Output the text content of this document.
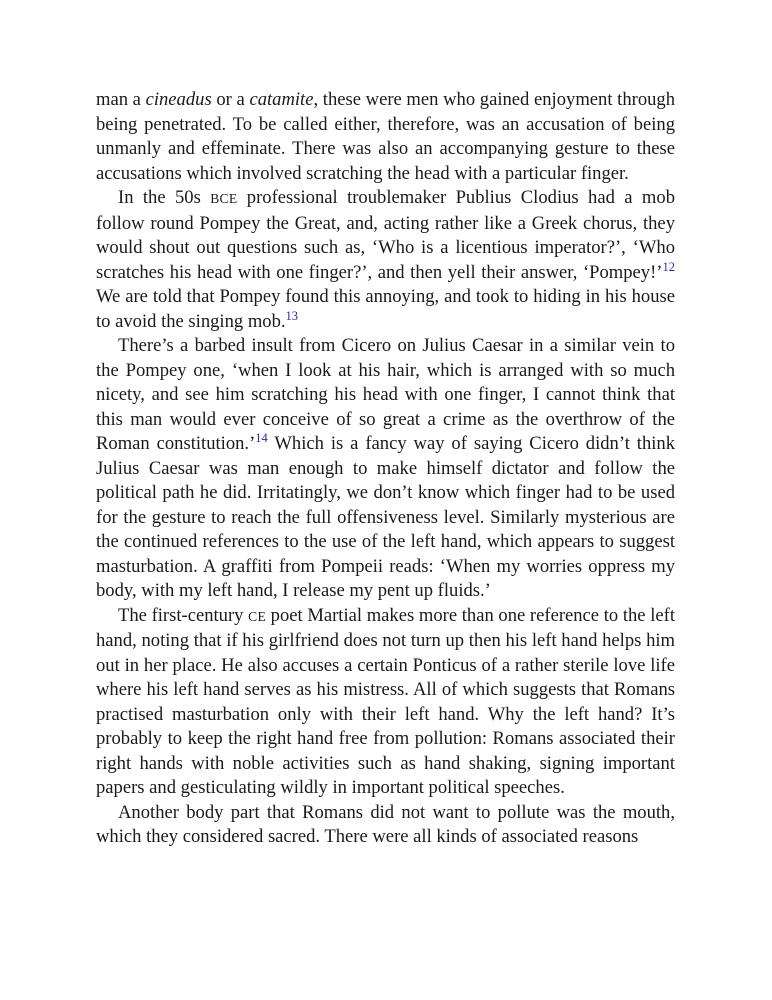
man a cineadus or a catamite, these were men who gained enjoyment through being penetrated. To be called either, therefore, was an accusation of being unmanly and effeminate. There was also an accompanying gesture to these accusations which involved scratching the head with a particular finger.

In the 50s BCE professional troublemaker Publius Clodius had a mob follow round Pompey the Great, and, acting rather like a Greek chorus, they would shout out questions such as, ‘Who is a licentious imperator?’, ‘Who scratches his head with one finger?’, and then yell their answer, ‘Pompey!’$^{12}$ We are told that Pompey found this annoying, and took to hiding in his house to avoid the singing mob.$^{13}$

There’s a barbed insult from Cicero on Julius Caesar in a similar vein to the Pompey one, ‘when I look at his hair, which is arranged with so much nicety, and see him scratching his head with one finger, I cannot think that this man would ever conceive of so great a crime as the overthrow of the Roman constitution.’$^{14}$ Which is a fancy way of saying Cicero didn’t think Julius Caesar was man enough to make himself dictator and follow the political path he did. Irritatingly, we don’t know which finger had to be used for the gesture to reach the full offensiveness level. Similarly mysterious are the continued references to the use of the left hand, which appears to suggest masturbation. A graffiti from Pompeii reads: ‘When my worries oppress my body, with my left hand, I release my pent up fluids.’

The first-century CE poet Martial makes more than one reference to the left hand, noting that if his girlfriend does not turn up then his left hand helps him out in her place. He also accuses a certain Ponticus of a rather sterile love life where his left hand serves as his mistress. All of which suggests that Romans practised masturbation only with their left hand. Why the left hand? It’s probably to keep the right hand free from pollution: Romans associated their right hands with noble activities such as hand shaking, signing important papers and gesticulating wildly in important political speeches.

Another body part that Romans did not want to pollute was the mouth, which they considered sacred. There were all kinds of associated reasons
